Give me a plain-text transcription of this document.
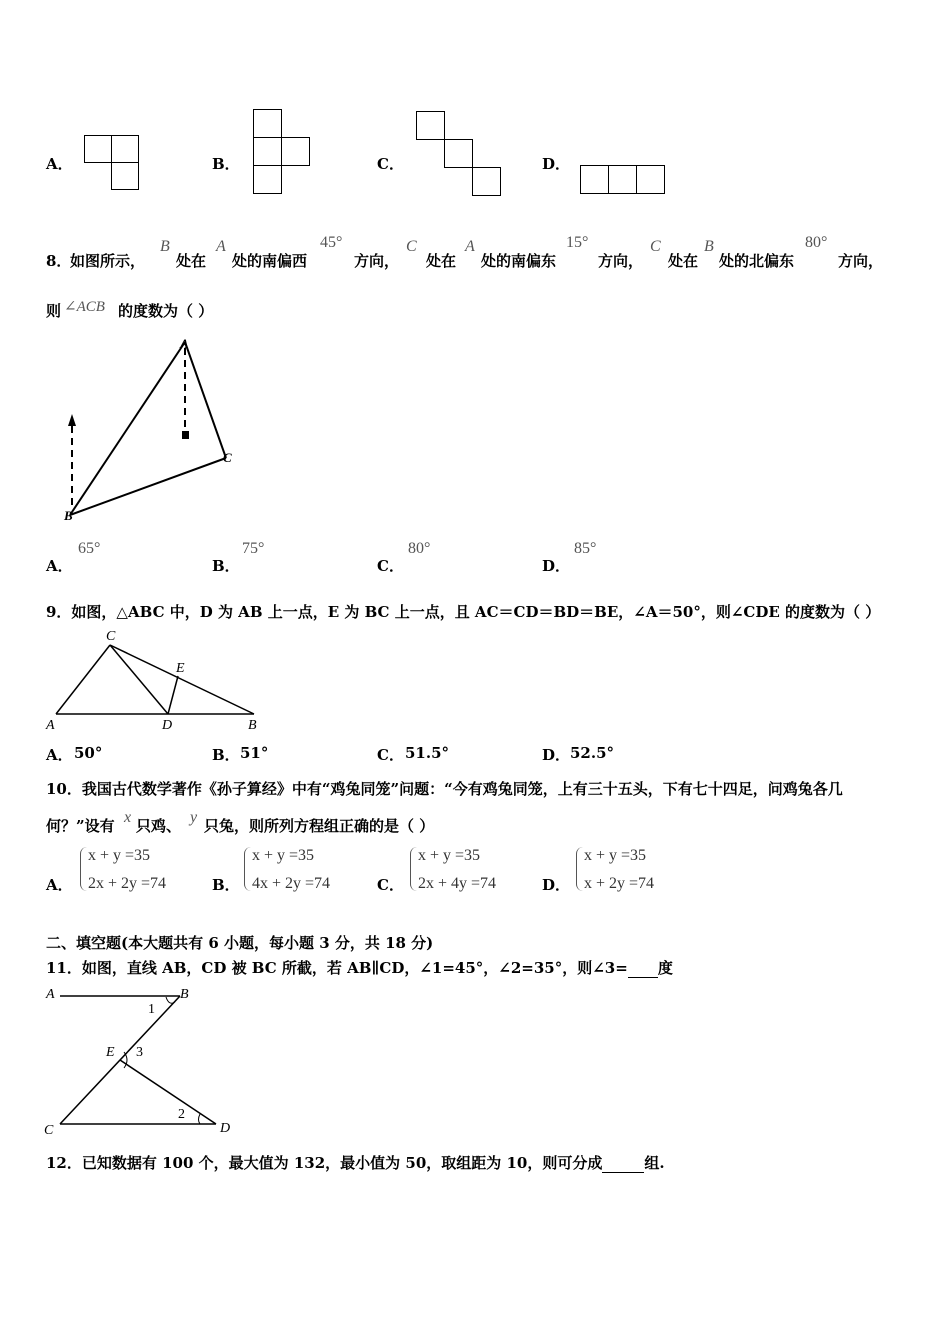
A．	B．	C．	D．
8．
如图所示，
B
处在
A
处的南偏西
45°
方向，
C
处在
A
处的南偏东
15°
方向，
C
处在
B
处的北偏东
80°
方向，
则 ∠ACB 的度数为（ ）
A
B
C
A．
65°
B．
75°
C．
80°
D．
85°
9．如图，△ABC 中，D 为 AB 上一点，E 为 BC 上一点，且 AC＝CD＝BD＝BE，∠A＝50°，则∠CDE 的度数为（ ）
C
E
A	D	B
A． 50°	B． 51°	C． 51.5°	D． 52.5°
10．我国古代数学著作《孙子算经》中有“鸡兔同笼”问题：“今有鸡兔同笼，上有三十五头，下有七十四足，问鸡兔各几
何？”设有 x 只鸡、 y 只兔，则所列方程组正确的是（ ）
A．
x + y =35
2x + 2y =74	B．
x + y =35
4x + 2y =74	C．
x + y =35
2x + 4y =74	D．
x + y =35
x + 2y =74
二、填空题(本大题共有 6 小题，每小题 3 分，共 18 分)
11．如图，直线 AB，CD 被 BC 所截，若 AB∥CD，∠1=45°，∠2=35°，则∠3= 度
A	B
1
E 3
2
C	D
12．已知数据有 100 个，最大值为 132，最小值为 50，取组距为 10，则可分成	组.
